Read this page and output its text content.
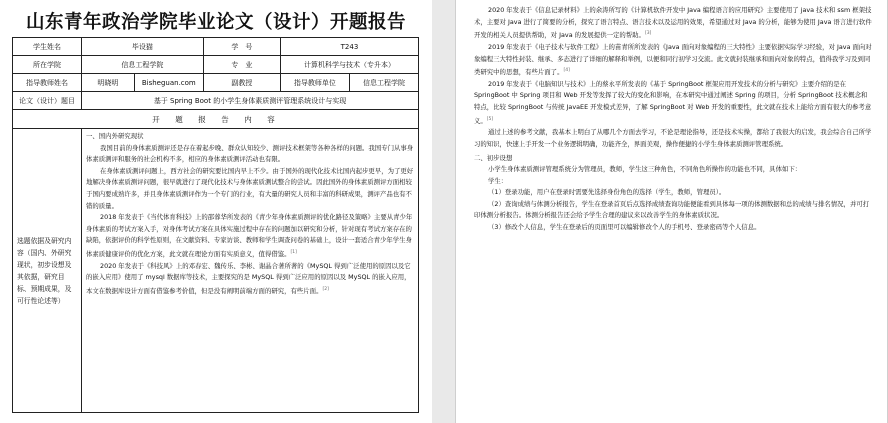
山东青年政治学院毕业论文（设计）开题报告
学生姓名	毕设猫		学　号	T243	
所在学院	信息工程学院		专　业	计算机科学与技术（专升本）	
指导教师姓名	明晓明	Bisheguan.com	副教授	指导教师单位	信息工程学院
论文（设计）题目	基于 Spring Boot 的小学生身体素质测评管理系统设计与实现				
开　题　报　告　内　容					
选题依据及研究内容（国内、外研究现状，初步设想及其依据，研究目标、预期成果，及可行性论述等）	一、国内外研究现状

我国目前的身体素质测评还是存在着起步晚、群众认知较少、测评技术框架等各种各样的问题。我国专门从事身体素质测评和服务的社会机构不多，相应的身体素质测评活动也有限。

在身体素质测评问题上，西方社会的研究要比国内早上不少。由于国外的现代化技术比国内起步更早，为了更好地解决身体素质测评问题，很早就进行了现代化技术与身体素质测试整合的尝试。因此国外的身体素质测评方面相较于国内要成熟许多，并且身体素质测评作为一个专门的行业，有大量的研究人员和丰富的科研成果，测评产品也有不错的质量。

2018 年发表于《当代体育科技》上的邵蓉华所发表的《青少年身体素质测评的优化路径及策略》主要从青少年身体素质的考试方案入手，对身体考试方案在具体实施过程中存在的问题加以研究和分析，针对现有考试方案存在的缺陷，依据评价的科学性原则，在文献资料、专家访谈、教师和学生调查问卷的基础上，设计一套适合青少年学生身体素质健康评价的优化方案，此文就在理论方面有实质意义，值得借鉴。[1]

2020 年发表于《科技风》上的邓春宏、魏传乐、李彬、谢晶合著所著的《MySQL 得到广泛使用的原因以及它的嵌入应用》使用了 mysql 数据库等技术，主要探究的是 MySQL 得到广泛应用的原因以及 MySQL 的嵌入应用，本文在数据库设计方面有借鉴参考价值，但是没有阐明前端方面的研究，有些片面。[2]

2020 年发表于《信息记录材料》上的余涛所写的《计算机软件开发中 Java 编程语言的应用研究》主要使用了 java 技术和 ssm 框架技术，主要对 Java 进行了简要的分析，探究了语言特点、语言技术以及运用的效果，希望通过对 Java 的分析，能够为使用 Java 语言进行软件开发的相关人员提供帮助，对 Java 的发展提供一定的帮助。[3]

2019 年发表于《电子技术与软件工程》上的苗青所所发表的《Java 面向对象编程的三大特性》主要依据实际学习经验，对 Java 面向对象编程三大特性封装、继承、多态进行了详细的解释和举例，以便和同行初学习交流。此文就封装继承和面向对象的特点，值得我学习及到同类研究中的思想，有些片面了。[4]

2019 年发表于《电脑知识与技术》上的蔡永平所发表的《基于 SpringBoot 框架应用开发技术的分析与研究》主要介绍的是在 SpringBoot 中 Spring 项目和 Web 开发等发挥了较大的变化和影响，在本研究中通过阐述 Spring 的项目，分析 SpringBoot 技术概念和特点，比较 SpringBoot 与传统 JavaEE 开发模式差异，了解 SpringBoot 对 Web 开发的重要性，此文就在技术上能给方面有很大的参考意义。[5]

通过上述的参考文献，我基本上明白了从哪几个方面去学习，不论是理论指导，还是技术实操，都给了我很大的启发，我会综合自己所学习的知识，快速上手开发一个业务逻辑明确，功能齐全，界面美观，操作便捷的小学生身体素质测评管理系统。

二、初步设想

小学生身体素质测评管理系统分为管理员，教师，学生这三种角色，不同角色所操作的功能也不同，具体如下：

学生：

（1）登录功能，用户在登录时需要先选择身份角色的选择（学生，教师，管理员）。

（2）查询成绩与体测分析报告，学生在登录首页后点选择成绩查询功能便能看到具体每一项的体测数据和总的成绩与排名情况，并可打印体测分析报告。体测分析报告还会给予学生合理的建议来以改善学生的身体素质状况。

（3）修改个人信息，学生在登录后的页面里可以编辑修改个人的手机号、登录密码等个人信息。
